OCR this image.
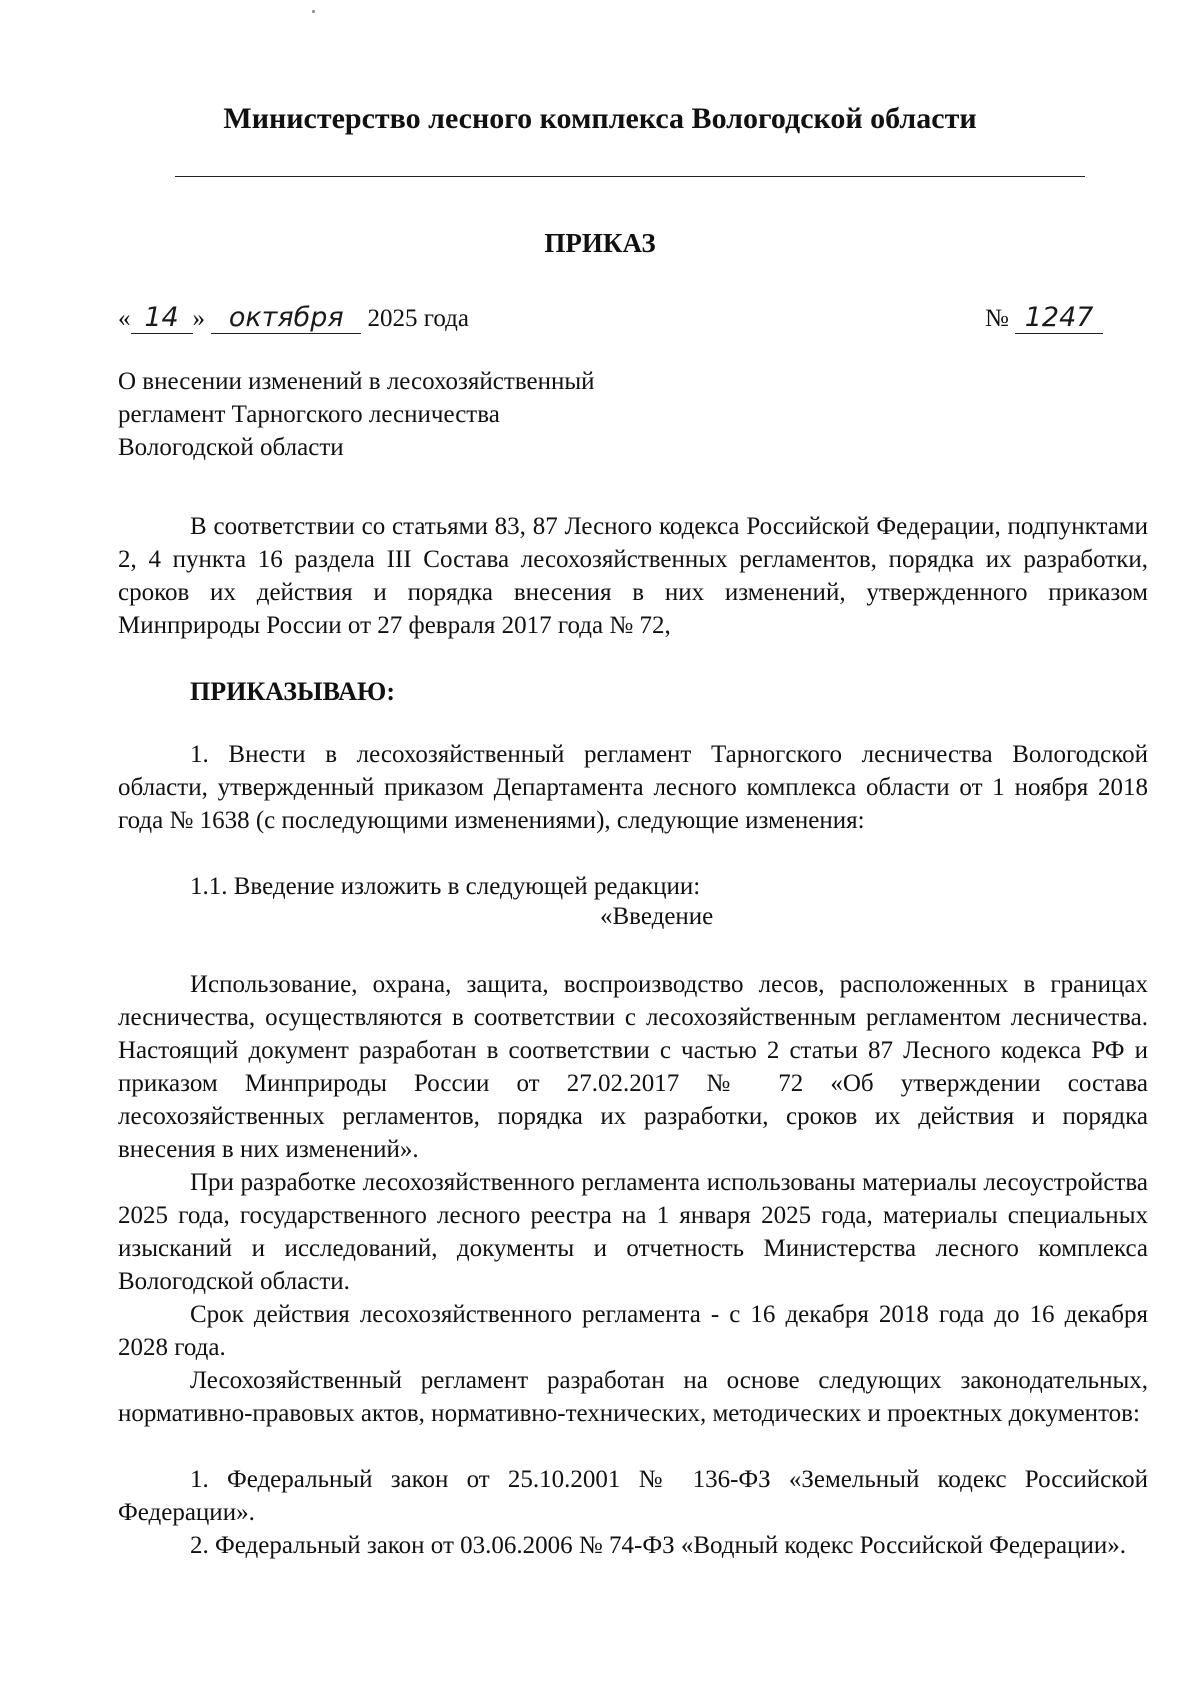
Министерство лесного комплекса Вологодской области
ПРИКАЗ
« 14 » октября 2025 года	№ 1247
О внесении изменений в лесохозяйственный
регламент Тарногского лесничества
Вологодской области
В соответствии со статьями 83, 87 Лесного кодекса Российской Федерации, подпунктами 2, 4 пункта 16 раздела III Состава лесохозяйственных регламентов, порядка их разработки, сроков их действия и порядка внесения в них изменений, утвержденного приказом Минприроды России от 27 февраля 2017 года № 72,
ПРИКАЗЫВАЮ:
1. Внести в лесохозяйственный регламент Тарногского лесничества Вологодской области, утвержденный приказом Департамента лесного комплекса области от 1 ноября 2018 года № 1638 (с последующими изменениями), следующие изменения:
1.1. Введение изложить в следующей редакции:
«Введение
Использование, охрана, защита, воспроизводство лесов, расположенных в границах лесничества, осуществляются в соответствии с лесохозяйственным регламентом лесничества. Настоящий документ разработан в соответствии с частью 2 статьи 87 Лесного кодекса РФ и приказом Минприроды России от 27.02.2017 № 72 «Об утверждении состава лесохозяйственных регламентов, порядка их разработки, сроков их действия и порядка внесения в них изменений».
При разработке лесохозяйственного регламента использованы материалы лесоустройства 2025 года, государственного лесного реестра на 1 января 2025 года, материалы специальных изысканий и исследований, документы и отчетность Министерства лесного комплекса Вологодской области.
Срок действия лесохозяйственного регламента - с 16 декабря 2018 года до 16 декабря 2028 года.
Лесохозяйственный регламент разработан на основе следующих законодательных, нормативно-правовых актов, нормативно-технических, методических и проектных документов:
1. Федеральный закон от 25.10.2001 № 136-ФЗ «Земельный кодекс Российской Федерации».
2. Федеральный закон от 03.06.2006 № 74-ФЗ «Водный кодекс Российской Федерации».
